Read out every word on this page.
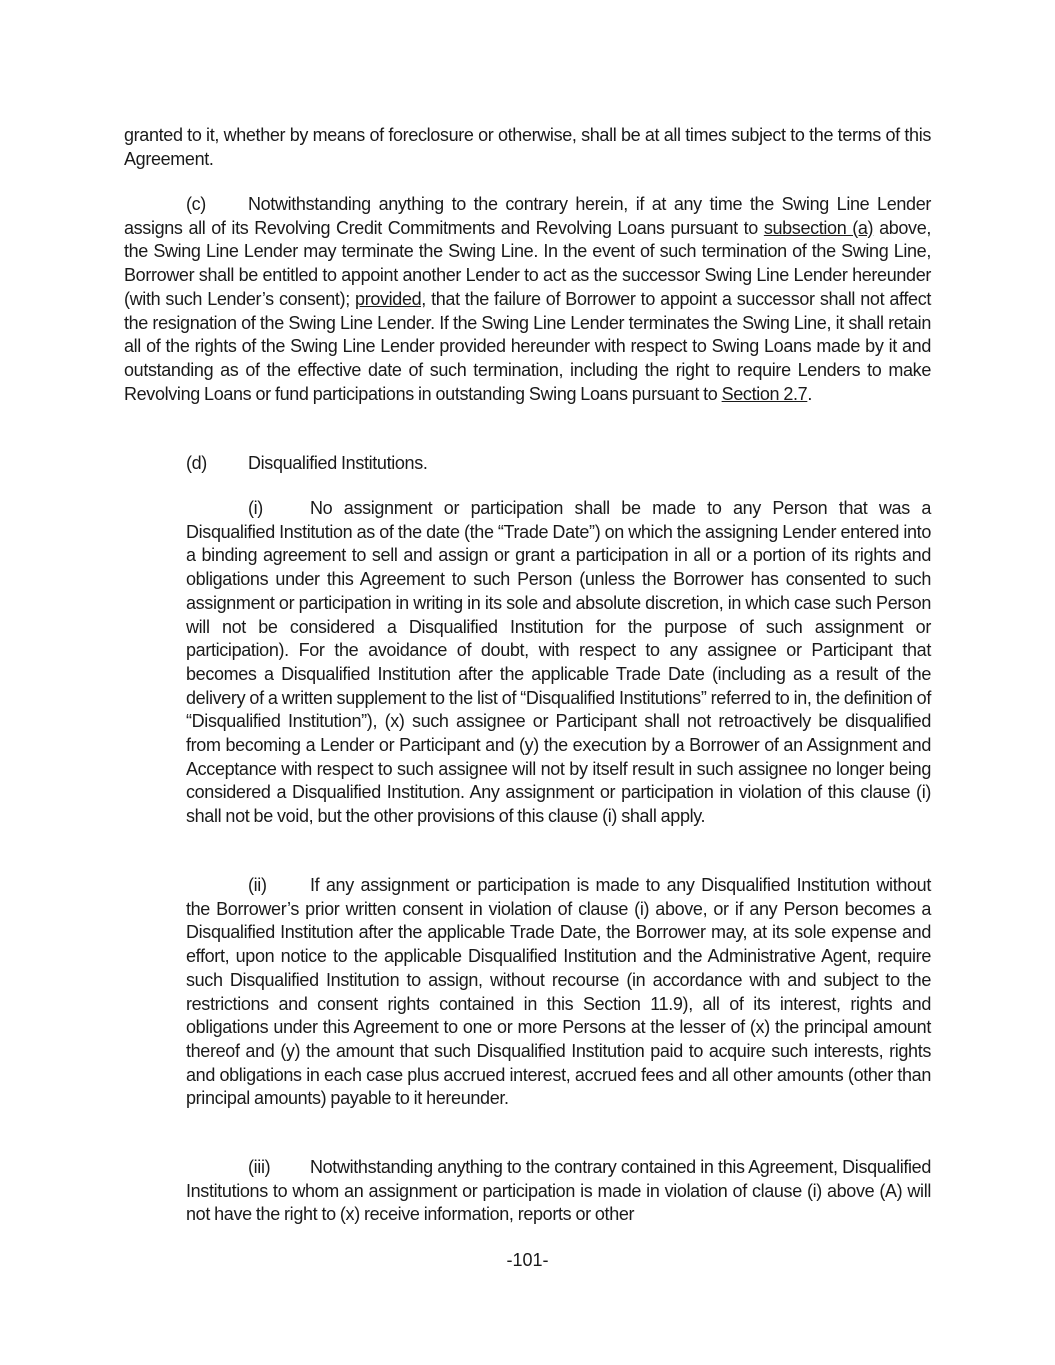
granted to it, whether by means of foreclosure or otherwise, shall be at all times subject to the terms of this Agreement.

(c) Notwithstanding anything to the contrary herein, if at any time the Swing Line Lender assigns all of its Revolving Credit Commitments and Revolving Loans pursuant to subsection (a) above, the Swing Line Lender may terminate the Swing Line. In the event of such termination of the Swing Line, Borrower shall be entitled to appoint another Lender to act as the successor Swing Line Lender hereunder (with such Lender’s consent); provided, that the failure of Borrower to appoint a successor shall not affect the resignation of the Swing Line Lender. If the Swing Line Lender terminates the Swing Line, it shall retain all of the rights of the Swing Line Lender provided hereunder with respect to Swing Loans made by it and outstanding as of the effective date of such termination, including the right to require Lenders to make Revolving Loans or fund participations in outstanding Swing Loans pursuant to Section 2.7.

(d) Disqualified Institutions.

(i)	No assignment or participation shall be made to any Person that was a Disqualified Institution as of the date (the “Trade Date”) on which the assigning Lender entered into a binding agreement to sell and assign or grant a participation in all or a portion of its rights and obligations under this Agreement to such Person (unless the Borrower has consented to such assignment or participation in writing in its sole and absolute discretion, in which case such Person will not be considered a Disqualified Institution for the purpose of such assignment or participation). For the avoidance of doubt, with respect to any assignee or Participant that becomes a Disqualified Institution after the applicable Trade Date (including as a result of the delivery of a written supplement to the list of “Disqualified Institutions” referred to in, the definition of “Disqualified Institution”), (x) such assignee or Participant shall not retroactively be disqualified from becoming a Lender or Participant and (y) the execution by a Borrower of an Assignment and Acceptance with respect to such assignee will not by itself result in such assignee no longer being considered a Disqualified Institution. Any assignment or participation in violation of this clause (i) shall not be void, but the other provisions of this clause (i) shall apply.

(ii) If any assignment or participation is made to any Disqualified Institution without the Borrower’s prior written consent in violation of clause (i) above, or if any Person becomes a Disqualified Institution after the applicable Trade Date, the Borrower may, at its sole expense and effort, upon notice to the applicable Disqualified Institution and the Administrative Agent, require such Disqualified Institution to assign, without recourse (in accordance with and subject to the restrictions and consent rights contained in this Section 11.9), all of its interest, rights and obligations under this Agreement to one or more Persons at the lesser of (x) the principal amount thereof and (y) the amount that such Disqualified Institution paid to acquire such interests, rights and obligations in each case plus accrued interest, accrued fees and all other amounts (other than principal amounts) payable to it hereunder.

(iii) Notwithstanding anything to the contrary contained in this Agreement, Disqualified Institutions to whom an assignment or participation is made in violation of clause (i) above (A) will not have the right to (x) receive information, reports or other

-101-
